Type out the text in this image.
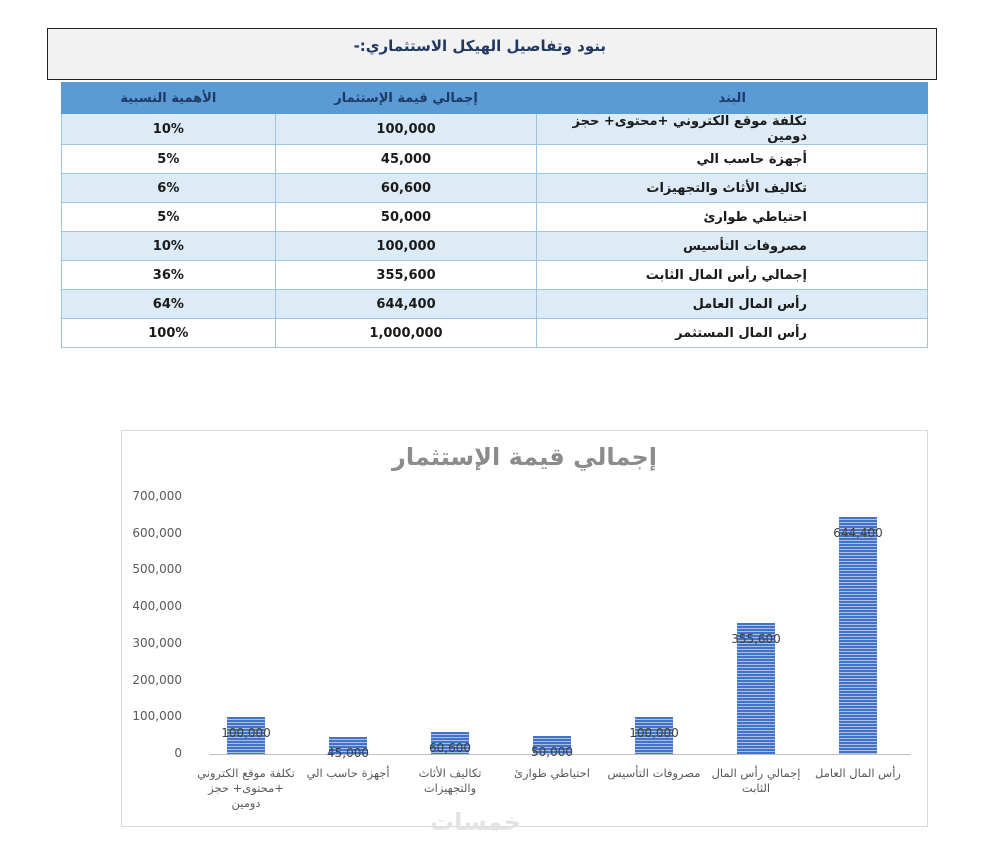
بنود وتفاصيل الهيكل الاستثماري:-
الأهمية النسبية	إجمالي قيمة الإستثمار	البند
10%	100,000	تكلفة موقع الكتروني +محتوى+ حجز دومين
5%	45,000	أجهزة حاسب الي
6%	60,600	تكاليف الأثاث والتجهيزات
5%	50,000	احتياطي طوارئ
10%	100,000	مصروفات التأسيس
36%	355,600	إجمالي رأس المال الثابت
64%	644,400	رأس المال العامل
100%	1,000,000	رأس المال المستثمر
إجمالي قيمة الإستثمار
0
100,000
200,000
300,000
400,000
500,000
600,000
700,000
100,000
تكلفة موقع الكتروني +محتوى+ حجز دومين
45,000
أجهزة حاسب الي
60,600
تكاليف الأثاث والتجهيزات
50,000
احتياطي طوارئ
100,000
مصروفات التأسيس
355,600
إجمالي رأس المال الثابت
644,400
رأس المال العامل
خمسات
